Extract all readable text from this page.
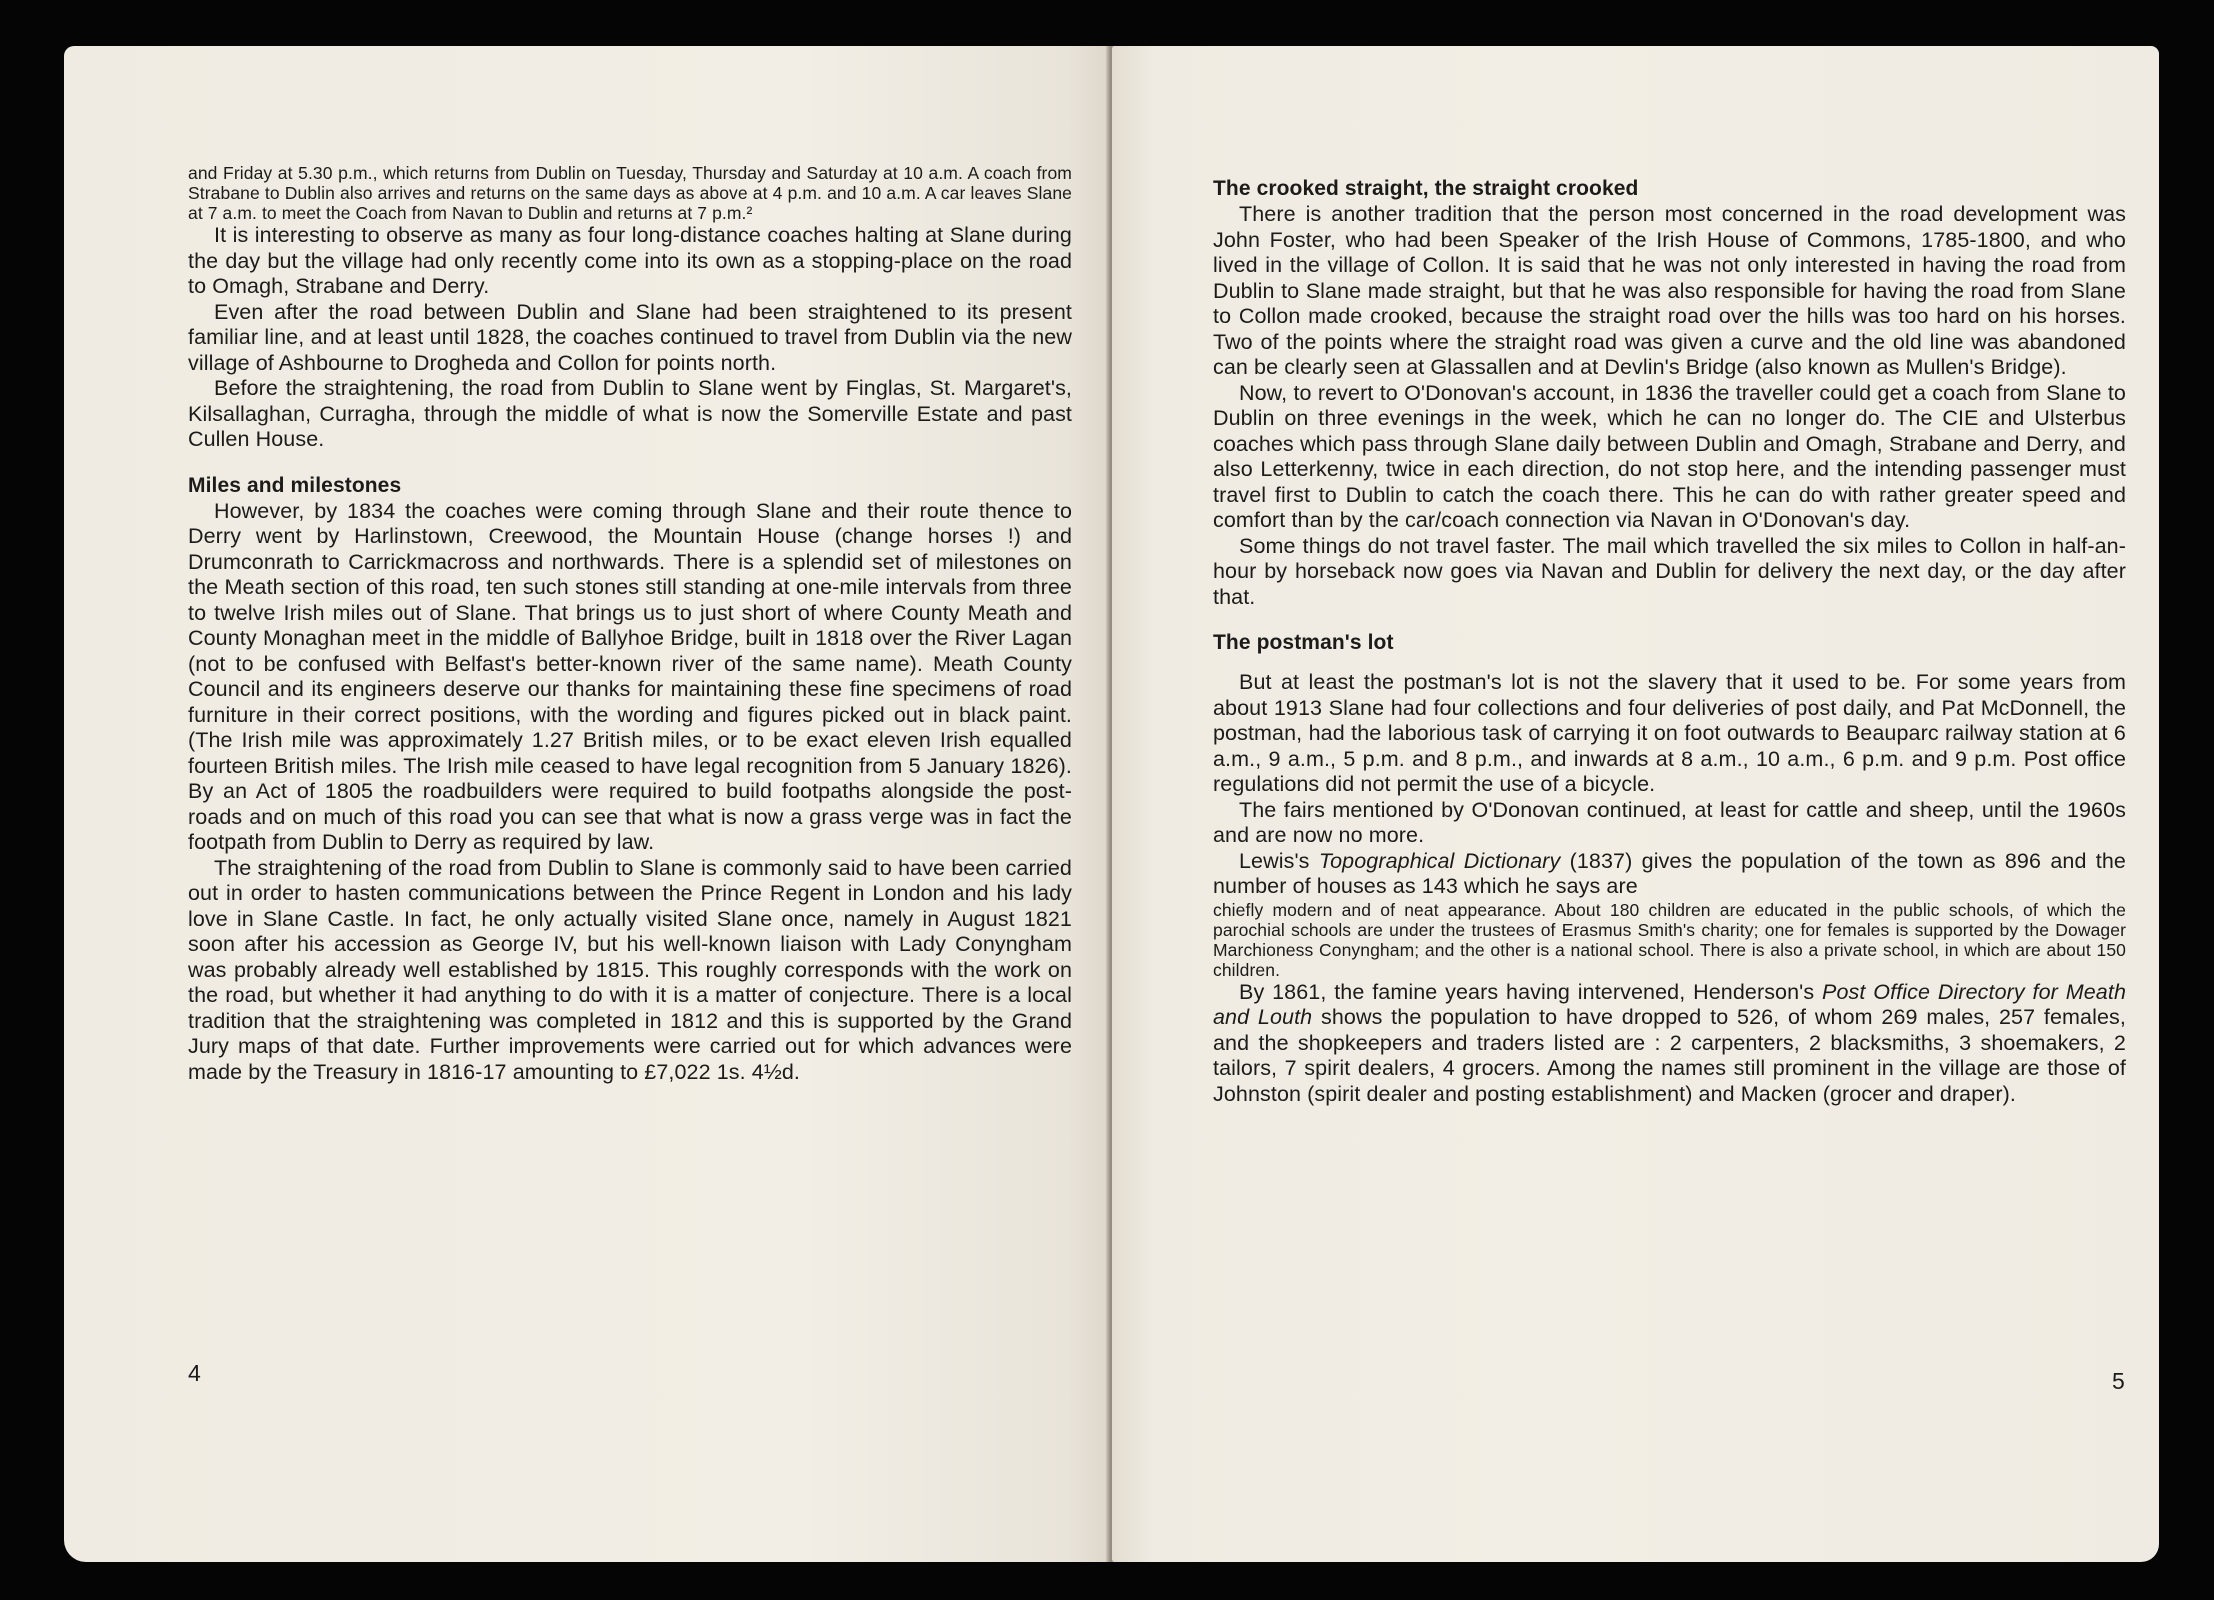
and Friday at 5.30 p.m., which returns from Dublin on Tuesday, Thursday and Saturday at 10 a.m. A coach from Strabane to Dublin also arrives and returns on the same days as above at 4 p.m. and 10 a.m. A car leaves Slane at 7 a.m. to meet the Coach from Navan to Dublin and returns at 7 p.m.²

It is interesting to observe as many as four long-distance coaches halting at Slane during the day but the village had only recently come into its own as a stopping-place on the road to Omagh, Strabane and Derry.

Even after the road between Dublin and Slane had been straightened to its present familiar line, and at least until 1828, the coaches continued to travel from Dublin via the new village of Ashbourne to Drogheda and Collon for points north.

Before the straightening, the road from Dublin to Slane went by Finglas, St. Margaret's, Kilsallaghan, Curragha, through the middle of what is now the Somerville Estate and past Cullen House.

Miles and milestones

However, by 1834 the coaches were coming through Slane and their route thence to Derry went by Harlinstown, Creewood, the Mountain House (change horses !) and Drumconrath to Carrickmacross and northwards. There is a splendid set of milestones on the Meath section of this road, ten such stones still standing at one-mile intervals from three to twelve Irish miles out of Slane. That brings us to just short of where County Meath and County Monaghan meet in the middle of Ballyhoe Bridge, built in 1818 over the River Lagan (not to be confused with Belfast's better-known river of the same name). Meath County Council and its engineers deserve our thanks for maintaining these fine specimens of road furniture in their correct positions, with the wording and figures picked out in black paint. (The Irish mile was approximately 1.27 British miles, or to be exact eleven Irish equalled fourteen British miles. The Irish mile ceased to have legal recognition from 5 January 1826). By an Act of 1805 the roadbuilders were required to build footpaths alongside the post-roads and on much of this road you can see that what is now a grass verge was in fact the footpath from Dublin to Derry as required by law.

The straightening of the road from Dublin to Slane is commonly said to have been carried out in order to hasten communications between the Prince Regent in London and his lady love in Slane Castle. In fact, he only actually visited Slane once, namely in August 1821 soon after his accession as George IV, but his well-known liaison with Lady Conyngham was probably already well established by 1815. This roughly corresponds with the work on the road, but whether it had anything to do with it is a matter of conjecture. There is a local tradition that the straightening was completed in 1812 and this is supported by the Grand Jury maps of that date. Further improvements were carried out for which advances were made by the Treasury in 1816-17 amounting to £7,022 1s. 4½d.

4
The crooked straight, the straight crooked

There is another tradition that the person most concerned in the road development was John Foster, who had been Speaker of the Irish House of Commons, 1785-1800, and who lived in the village of Collon. It is said that he was not only interested in having the road from Dublin to Slane made straight, but that he was also responsible for having the road from Slane to Collon made crooked, because the straight road over the hills was too hard on his horses. Two of the points where the straight road was given a curve and the old line was abandoned can be clearly seen at Glassallen and at Devlin's Bridge (also known as Mullen's Bridge).

Now, to revert to O'Donovan's account, in 1836 the traveller could get a coach from Slane to Dublin on three evenings in the week, which he can no longer do. The CIE and Ulsterbus coaches which pass through Slane daily between Dublin and Omagh, Strabane and Derry, and also Letterkenny, twice in each direction, do not stop here, and the intending passenger must travel first to Dublin to catch the coach there. This he can do with rather greater speed and comfort than by the car/coach connection via Navan in O'Donovan's day.

Some things do not travel faster. The mail which travelled the six miles to Collon in half-an-hour by horseback now goes via Navan and Dublin for delivery the next day, or the day after that.

The postman's lot

But at least the postman's lot is not the slavery that it used to be. For some years from about 1913 Slane had four collections and four deliveries of post daily, and Pat McDonnell, the postman, had the laborious task of carrying it on foot outwards to Beauparc railway station at 6 a.m., 9 a.m., 5 p.m. and 8 p.m., and inwards at 8 a.m., 10 a.m., 6 p.m. and 9 p.m. Post office regulations did not permit the use of a bicycle.

The fairs mentioned by O'Donovan continued, at least for cattle and sheep, until the 1960s and are now no more.

Lewis's Topographical Dictionary (1837) gives the population of the town as 896 and the number of houses as 143 which he says are

chiefly modern and of neat appearance. About 180 children are educated in the public schools, of which the parochial schools are under the trustees of Erasmus Smith's charity; one for females is supported by the Dowager Marchioness Conyngham; and the other is a national school. There is also a private school, in which are about 150 children.

By 1861, the famine years having intervened, Henderson's Post Office Directory for Meath and Louth shows the population to have dropped to 526, of whom 269 males, 257 females, and the shopkeepers and traders listed are : 2 carpenters, 2 blacksmiths, 3 shoemakers, 2 tailors, 7 spirit dealers, 4 grocers. Among the names still prominent in the village are those of Johnston (spirit dealer and posting establishment) and Macken (grocer and draper).

5
